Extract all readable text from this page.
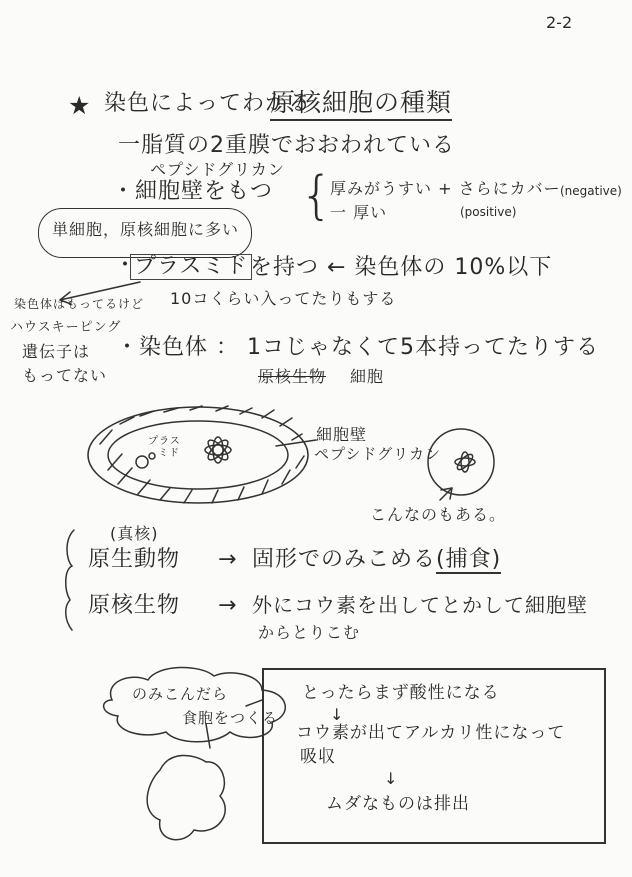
2-2

★ 染色によってわかる
原核細胞の種類
一脂質の2重膜でおおわれている
ペプシドグリカン
・細胞壁をもつ {
厚みがうすい + さらにカバー (negative)
一 厚い	(positive)
単細胞，原核細胞に多い
・
プラスミド を持つ ← 染色体の 10%以下
10コくらい入ってたりもする
染色体はもってるけど
ハウスキーピング
遺伝子は
もってない
・染色体 ： 1コじゃなくて5本持ってたりする
原核生物 細胞
プラス
ミド
細胞壁
ペプシドグリカン
こんなのもある。
(真核)
原生動物 → 固形でのみこめる (捕食)
原核生物 → 外にコウ素を出してとかして細胞壁
からとりこむ
のみこんだら
食胞をつくる
とったらまず酸性になる
↓
コウ素が出てアルカリ性になって
吸収
↓
ムダなものは排出
